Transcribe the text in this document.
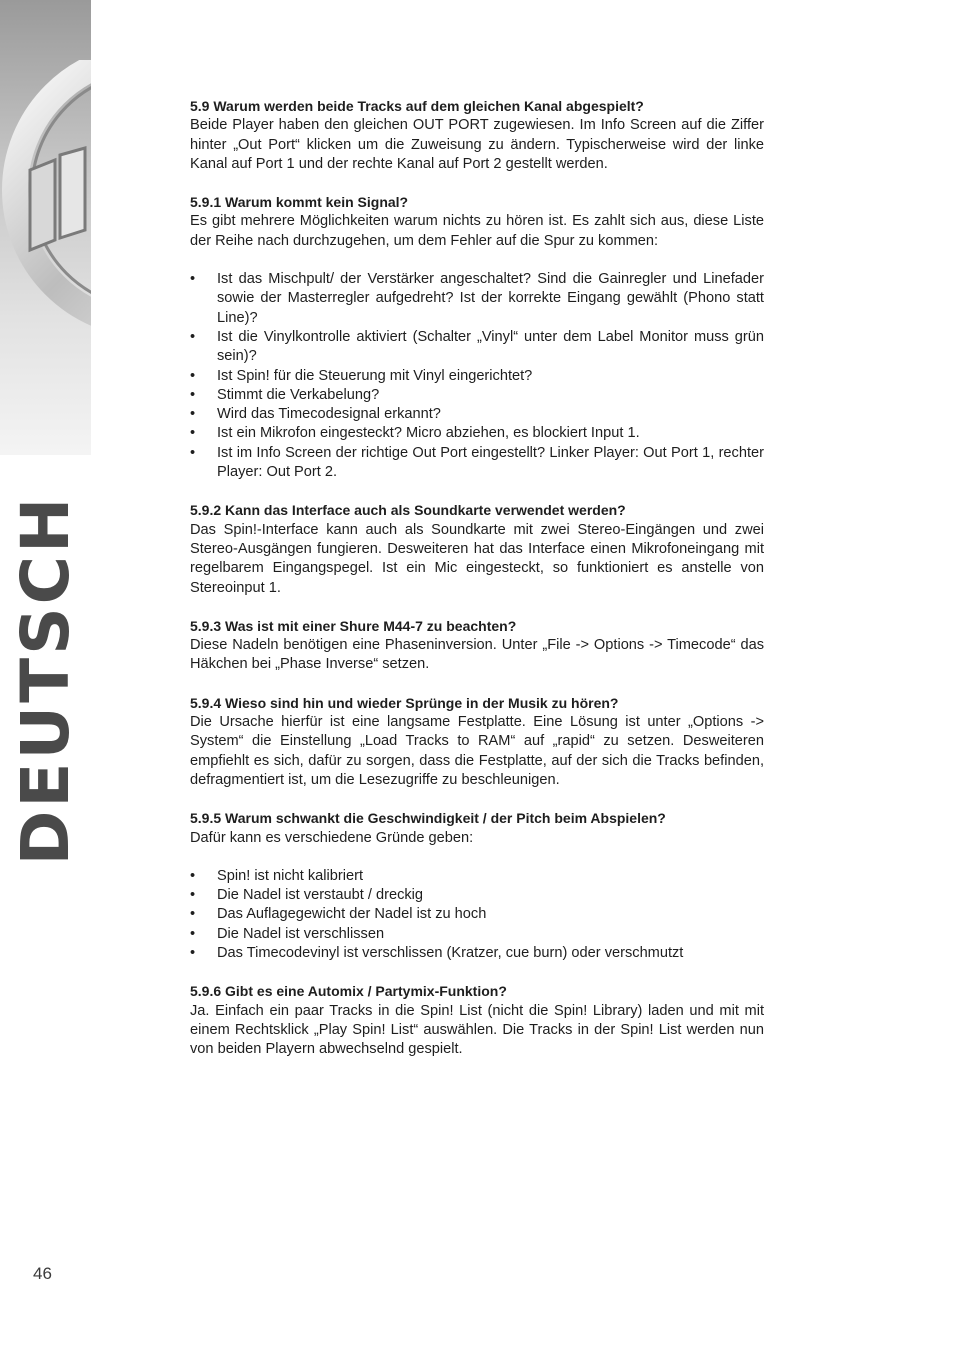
DEUTSCH
5.9 Warum werden beide Tracks auf dem gleichen Kanal abgespielt?

Beide Player haben den gleichen OUT PORT zugewiesen. Im Info Screen auf die Ziffer hinter „Out Port“ klicken um die Zuweisung zu ändern. Typischerweise wird der linke Kanal auf Port 1 und der rechte Kanal auf Port 2 gestellt werden.

5.9.1 Warum kommt kein Signal?

Es gibt mehrere Möglichkeiten warum nichts zu hören ist. Es zahlt sich aus, diese Liste der Reihe nach durchzugehen, um dem Fehler auf die Spur zu kommen:

• Ist das Mischpult/ der Verstärker angeschaltet? Sind die Gainregler und Linefader sowie der Masterregler aufgedreht? Ist der korrekte Eingang gewählt (Phono statt Line)?
• Ist die Vinylkontrolle aktiviert (Schalter „Vinyl“ unter dem Label Monitor muss grün sein)?
• Ist Spin! für die Steuerung mit Vinyl eingerichtet?
• Stimmt die Verkabelung?
• Wird das Timecodesignal erkannt?
• Ist ein Mikrofon eingesteckt? Micro abziehen, es blockiert Input 1.
• Ist im Info Screen der richtige Out Port eingestellt? Linker Player: Out Port 1, rechter Player: Out Port 2.
5.9.2 Kann das Interface auch als Soundkarte verwendet werden?

Das Spin!-Interface kann auch als Soundkarte mit zwei Stereo-Eingängen und zwei Stereo-Ausgängen fungieren. Desweiteren hat das Interface einen Mikrofoneingang mit regelbarem Eingangspegel. Ist ein Mic eingesteckt, so funktioniert es anstelle von Stereoinput 1.

5.9.3 Was ist mit einer Shure M44-7 zu beachten?

Diese Nadeln benötigen eine Phaseninversion. Unter „File -> Options -> Timecode“ das Häkchen bei „Phase Inverse“ setzen.

5.9.4 Wieso sind hin und wieder Sprünge in der Musik zu hören?

Die Ursache hierfür ist eine langsame Festplatte. Eine Lösung ist unter „Options -> System“ die Einstellung „Load Tracks to RAM“ auf „rapid“ zu setzen. Desweiteren empfiehlt es sich, dafür zu sorgen, dass die Festplatte, auf der sich die Tracks befinden, defragmentiert ist, um die Lesezugriffe zu beschleunigen.

5.9.5 Warum schwankt die Geschwindigkeit / der Pitch beim Abspielen?

Dafür kann es verschiedene Gründe geben:

• Spin! ist nicht kalibriert
• Die Nadel ist verstaubt / dreckig
• Das Auflagegewicht der Nadel ist zu hoch
• Die Nadel ist verschlissen
• Das Timecodevinyl ist verschlissen (Kratzer, cue burn) oder verschmutzt
5.9.6 Gibt es eine Automix / Partymix-Funktion?

Ja. Einfach ein paar Tracks in die Spin! List (nicht die Spin! Library) laden und mit mit einem Rechtsklick „Play Spin! List“ auswählen. Die Tracks in der Spin! List werden nun von beiden Playern abwechselnd gespielt.

46
